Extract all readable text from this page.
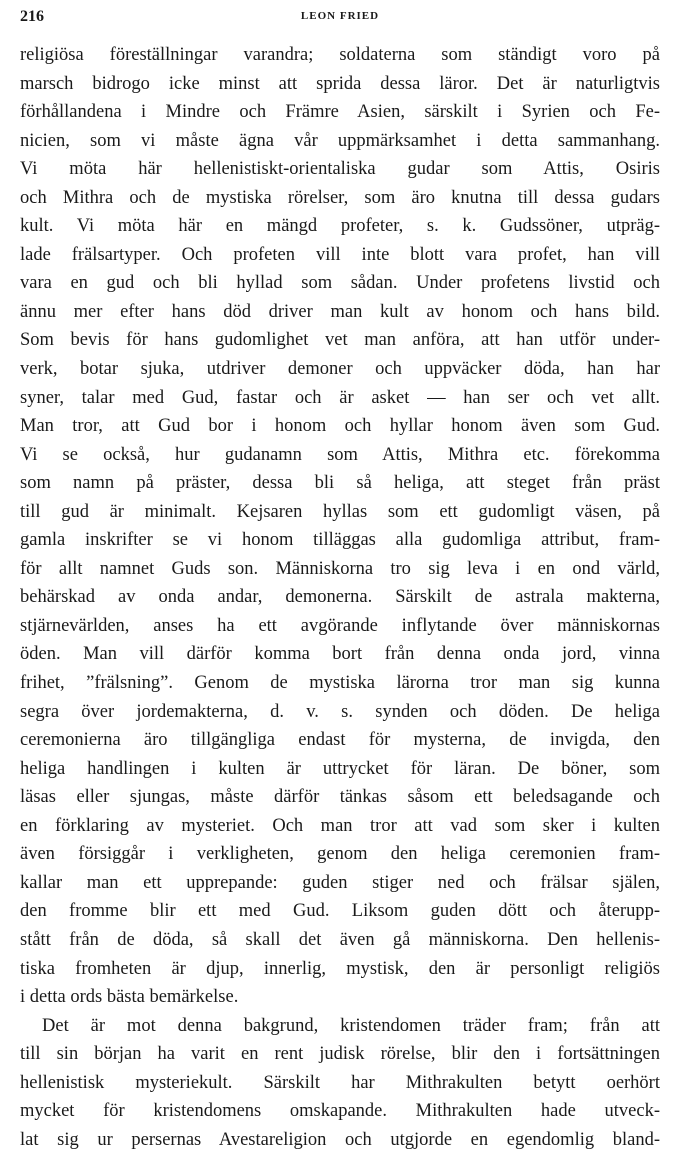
216	LEON FRIED
religiösa föreställningar varandra; soldaterna som ständigt voro på
marsch bidrogo icke minst att sprida dessa läror. Det är naturligtvis
förhållandena i Mindre och Främre Asien, särskilt i Syrien och Fe-
nicien, som vi måste ägna vår uppmärksamhet i detta sammanhang.
Vi möta här hellenistiskt-orientaliska gudar som Attis, Osiris
och Mithra och de mystiska rörelser, som äro knutna till dessa gudars
kult. Vi möta här en mängd profeter, s. k. Gudssöner, utpräg-
lade frälsartyper. Och profeten vill inte blott vara profet, han vill
vara en gud och bli hyllad som sådan. Under profetens livstid och
ännu mer efter hans död driver man kult av honom och hans bild.
Som bevis för hans gudomlighet vet man anföra, att han utför under-
verk, botar sjuka, utdriver demoner och uppväcker döda, han har
syner, talar med Gud, fastar och är asket — han ser och vet allt.
Man tror, att Gud bor i honom och hyllar honom även som Gud.
Vi se också, hur gudanamn som Attis, Mithra etc. förekomma
som namn på präster, dessa bli så heliga, att steget från präst
till gud är minimalt. Kejsaren hyllas som ett gudomligt väsen, på
gamla inskrifter se vi honom tilläggas alla gudomliga attribut, fram-
för allt namnet Guds son. Människorna tro sig leva i en ond värld,
behärskad av onda andar, demonerna. Särskilt de astrala makterna,
stjärnevärlden, anses ha ett avgörande inflytande över människornas
öden. Man vill därför komma bort från denna onda jord, vinna
frihet, ”frälsning”. Genom de mystiska lärorna tror man sig kunna
segra över jordemakterna, d. v. s. synden och döden. De heliga
ceremonierna äro tillgängliga endast för mysterna, de invigda, den
heliga handlingen i kulten är uttrycket för läran. De böner, som
läsas eller sjungas, måste därför tänkas såsom ett beledsagande och
en förklaring av mysteriet. Och man tror att vad som sker i kulten
även försiggår i verkligheten, genom den heliga ceremonien fram-
kallar man ett upprepande: guden stiger ned och frälsar själen,
den fromme blir ett med Gud. Liksom guden dött och återupp-
stått från de döda, så skall det även gå människorna. Den hellenis-
tiska fromheten är djup, innerlig, mystisk, den är personligt religiös
i detta ords bästa bemärkelse.
Det är mot denna bakgrund, kristendomen träder fram; från att
till sin början ha varit en rent judisk rörelse, blir den i fortsättningen
hellenistisk mysteriekult. Särskilt har Mithrakulten betytt oerhört
mycket för kristendomens omskapande. Mithrakulten hade utveck-
lat sig ur persernas Avestareligion och utgjorde en egendomlig bland-
